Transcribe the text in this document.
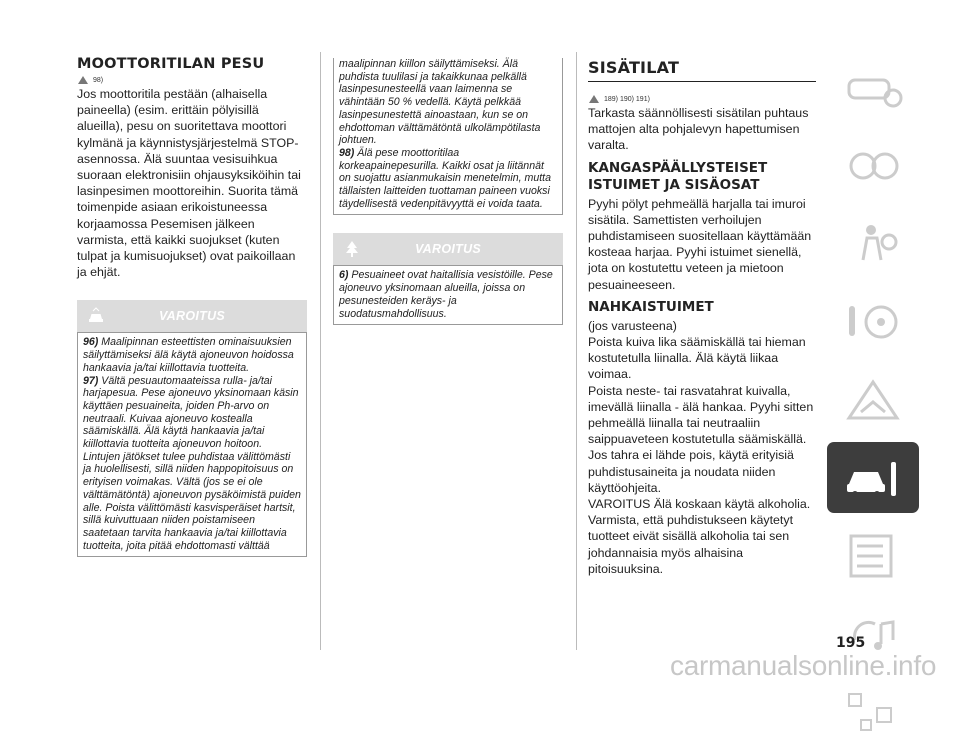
MOOTTORITILAN PESU
98)

Jos moottoritila pestään (alhaisella paineella) (esim. erittäin pölyisillä alueilla), pesu on suoritettava moottori kylmänä ja käynnistysjärjestelmä STOP-asennossa. Älä suuntaa vesisuihkua suoraan elektronisiin ohjausyksiköihin tai lasinpesimen moottoreihin. Suorita tämä toimenpide asiaan erikoistuneessa korjaamossa Pesemisen jälkeen varmista, että kaikki suojukset (kuten tulpat ja kumisuojukset) ovat paikoillaan ja ehjät.

VAROITUS

96) Maalipinnan esteettisten ominaisuuksien säilyttämiseksi älä käytä ajoneuvon hoidossa hankaavia ja/tai kiillottavia tuotteita.

97) Vältä pesuautomaateissa rulla- ja/tai harjapesua. Pese ajoneuvo yksinomaan käsin käyttäen pesuaineita, joiden Ph-arvo on neutraali. Kuivaa ajoneuvo kostealla säämiskällä. Älä käytä hankaavia ja/tai kiillottavia tuotteita ajoneuvon hoitoon. Lintujen jätökset tulee puhdistaa välittömästi ja huolellisesti, sillä niiden happopitoisuus on erityisen voimakas. Vältä (jos se ei ole välttämätöntä) ajoneuvon pysäköimistä puiden alle. Poista välittömästi kasvisperäiset hartsit, sillä kuivuttuaan niiden poistamiseen saatetaan tarvita hankaavia ja/tai kiillottavia tuotteita, joita pitää ehdottomasti välttää

maalipinnan kiillon säilyttämiseksi. Älä puhdista tuulilasi ja takaikkunaa pelkällä lasinpesunesteellä vaan laimenna se vähintään 50 % vedellä. Käytä pelkkää lasinpesunestettä ainoastaan, kun se on ehdottoman välttämätöntä ulkolämpötilasta johtuen.

98) Älä pese moottoritilaa korkeapainepesurilla. Kaikki osat ja liitännät on suojattu asianmukaisin menetelmin, mutta tällaisten laitteiden tuottaman paineen vuoksi täydellisestä vedenpitävyyttä ei voida taata.

VAROITUS

6) Pesuaineet ovat haitallisia vesistöille. Pese ajoneuvo yksinomaan alueilla, joissa on pesunesteiden keräys- ja suodatusmahdollisuus.

SISÄTILAT
189) 190) 191)

Tarkasta säännöllisesti sisätilan puhtaus mattojen alta pohjalevyn hapettumisen varalta.

KANGASPÄÄLLYSTEISET ISTUIMET JA SISÄOSAT

Pyyhi pölyt pehmeällä harjalla tai imuroi sisätila. Samettisten verhoilujen puhdistamiseen suositellaan käyttämään kosteaa harjaa. Pyyhi istuimet sienellä, jota on kostutettu veteen ja mietoon pesuaineeseen.

NAHKAISTUIMET

(jos varusteena)

Poista kuiva lika säämiskällä tai hieman kostutetulla liinalla. Älä käytä liikaa voimaa.

Poista neste- tai rasvatahrat kuivalla, imevällä liinalla - älä hankaa. Pyyhi sitten pehmeällä liinalla tai neutraaliin saippuaveteen kostutetulla säämiskällä. Jos tahra ei lähde pois, käytä erityisiä puhdistusaineita ja noudata niiden käyttöohjeita.

VAROITUS Älä koskaan käytä alkoholia. Varmista, että puhdistukseen käytetyt tuotteet eivät sisällä alkoholia tai sen johdannaisia myös alhaisina pitoisuuksina.

195
carmanualsonline.info
